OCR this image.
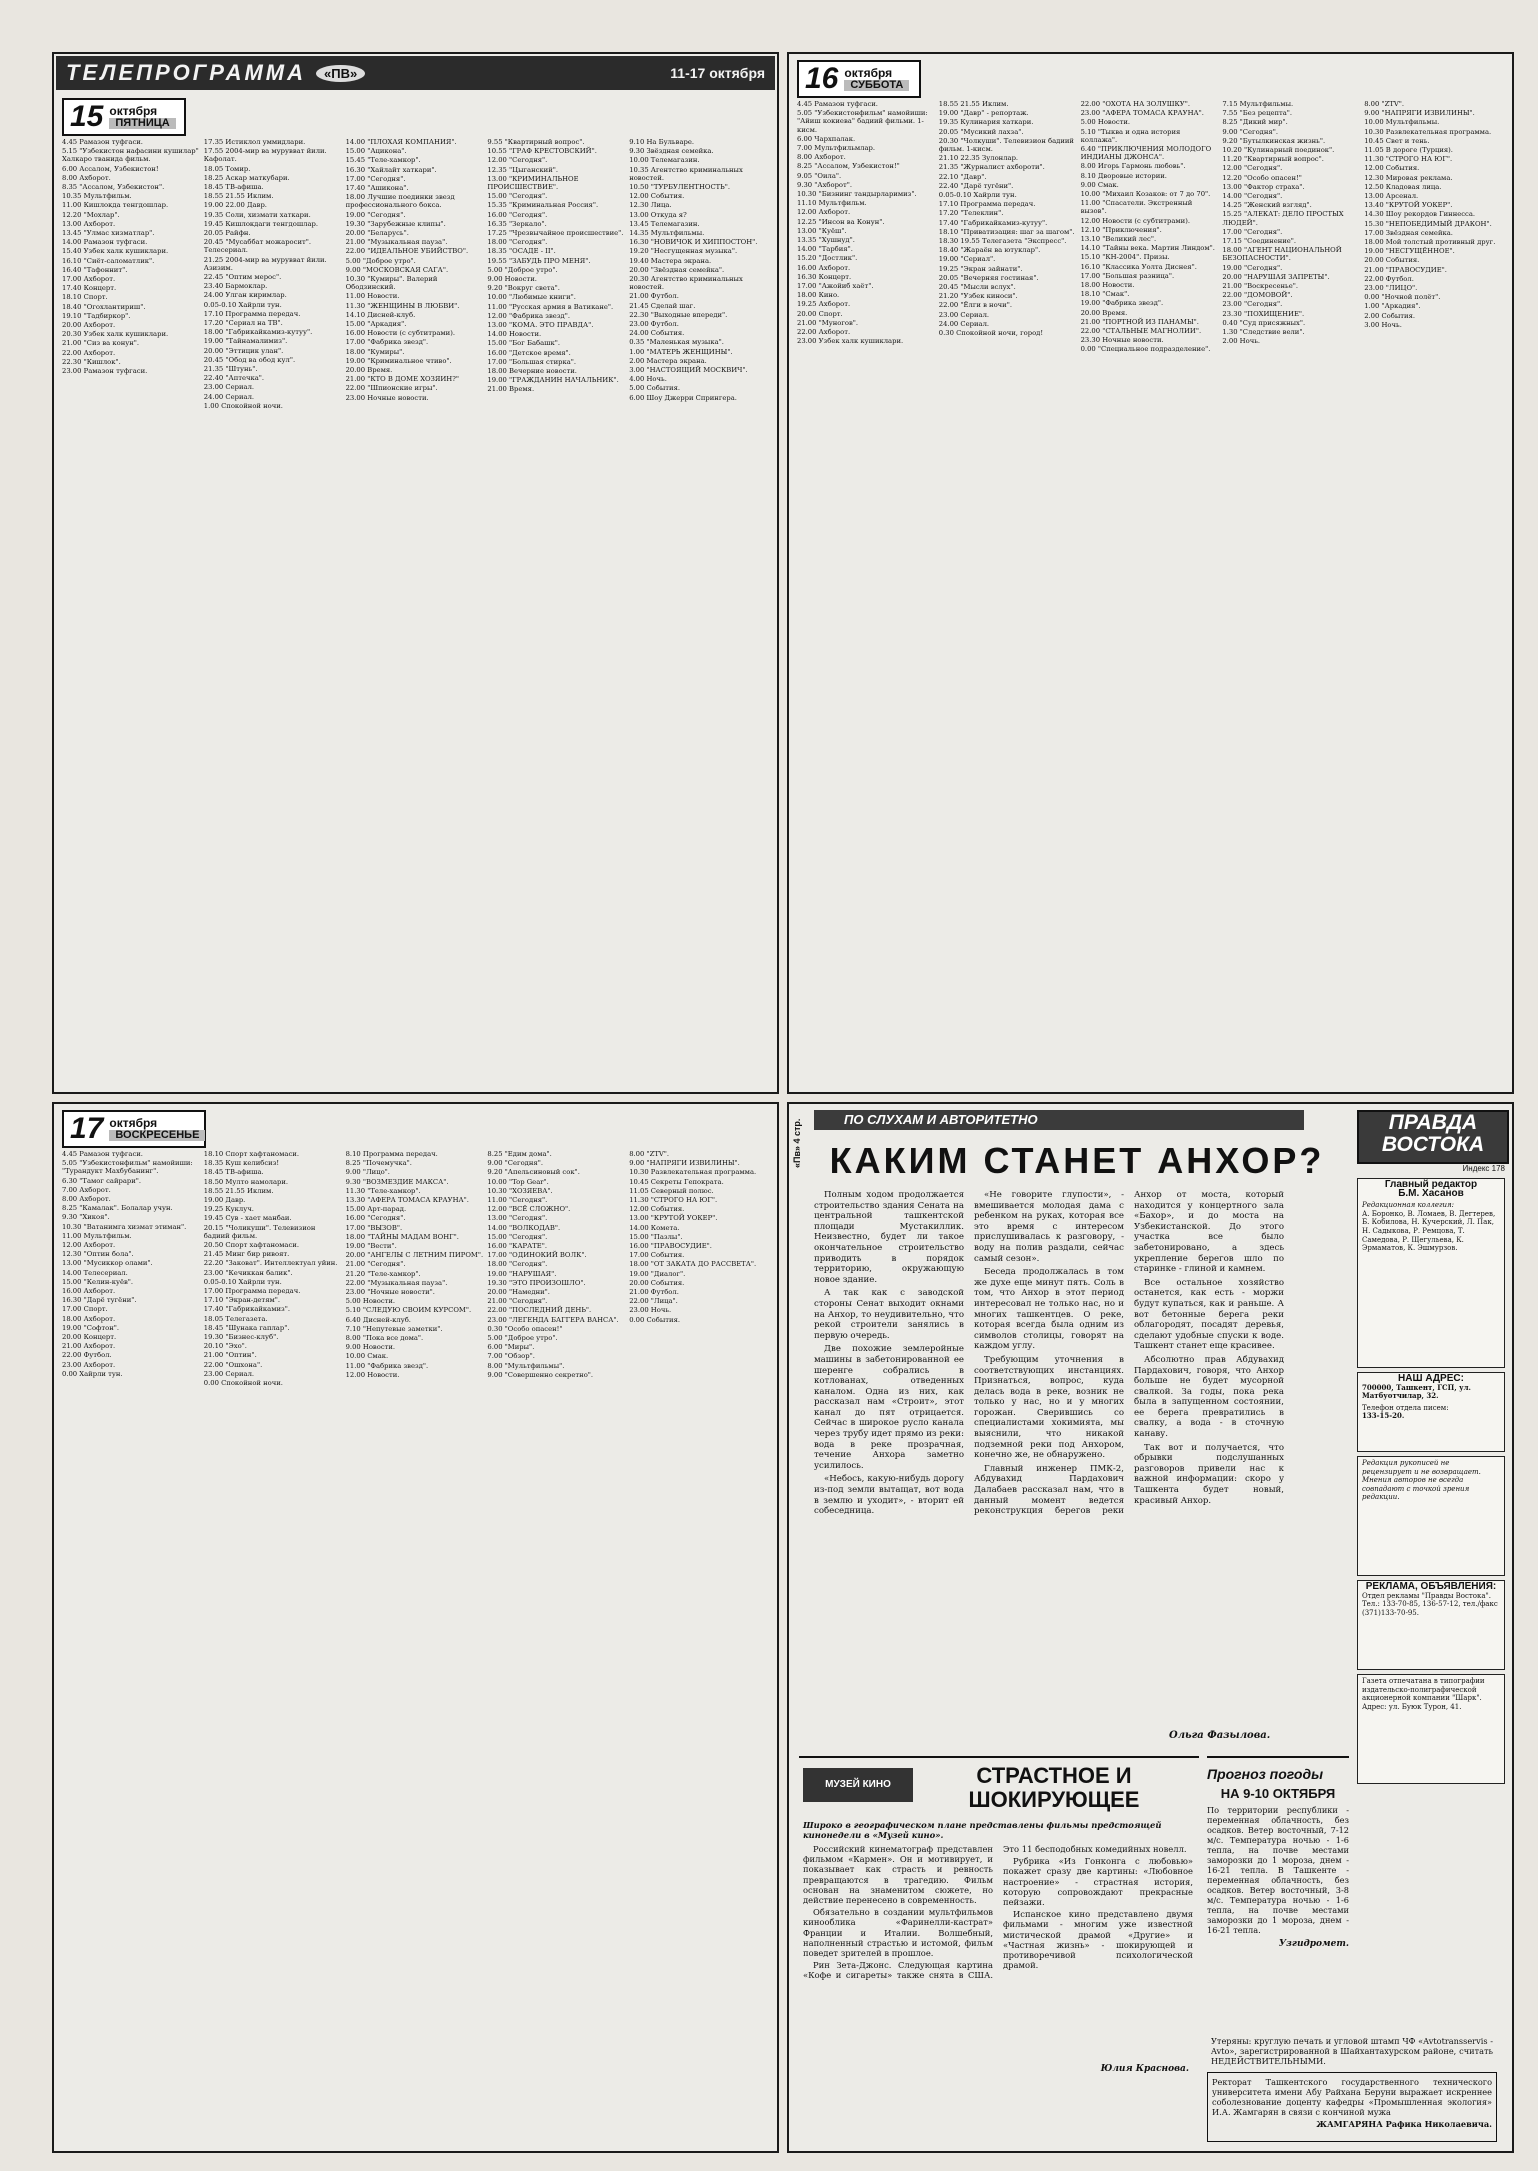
ТЕЛЕПРОГРАММА	«ПВ»	11-17 октября
15 октября
ПЯТНИЦА

4.45 Рамазон туфгаси.

5.15 "Узбекистон нафасини кушилар" Халкаро тванида фильм.

6.00 Ассалом, Узбекистон!

8.00 Ахборот.

8.35 "Ассалом, Узбекистон".

10.35 Мультфильм.

11.00 Кишлокда тенгдошлар.

12.20 "Мохлар".

13.00 Ахборот.

13.45 "Улмас хизматлар".

14.00 Рамазон туфгаси.

15.40 Узбек халк кушиклари.

16.10 "Сиёт-саломатлик".

16.40 "Тафоннит".

17.00 Ахборот.

17.40 Концерт.

18.10 Спорт.

18.40 "Огохлантириш".

19.10 "Тадбиркор".

20.00 Ахборот.

20.30 Узбек халк кушиклари.

21.00 "Сиз ва конун".

22.00 Ахборот.

22.30 "Кишлок".

23.00 Рамазон туфгаси.

17.35 Истиклол уммидлари.

17.55 2004-мир ва мурувват йили. Кафолат.

18.05 Томир.

18.25 Аскар маткубари.

18.45 ТВ-афиша.

18.55 21.55 Иклим.

19.00 22.00 Давр.

19.35 Соли, хизмати хаткари.

19.45 Кишлокдаги тенгдошлар.

20.05 Райфн.

20.45 "Мусаббат можаросит". Телесериал.

21.25 2004-мир ва мурувват йили. Азизим.

22.45 "Оптим мерос".

23.40 Бармоклар.

24.00 Улган киримлар.

0.05-0.10 Хайрли тун.

17.10 Программа передач.

17.20 "Сериал на ТВ".

18.00 "Габрикайкамиз-кутуу".

19.00 "Тайнамалимиз".

20.00 "Эттицик улан".

20.45 "Обод ва обод кул".

21.35 "Штунь".

22.40 "Аптечка".

23.00 Сериал.

24.00 Сериал.

1.00 Спокойной ночи.

14.00 "ПЛОХАЯ КОМПАНИЯ".

15.00 "Ацикона".

15.45 "Теле-хамкор".

16.30 "Хайлайт хаткари".

17.00 "Сегодня".

17.40 "Ашикона".

18.00 Лучшие поединки звезд профессионального бокса.

19.00 "Сегодня".

19.30 "Зарубежные клипы".

20.00 "Беларусь".

21.00 "Музыкальная пауза".

22.00 "ИДЕАЛЬНОЕ УБИЙСТВО".

5.00 "Доброе утро".

9.00 "МОСКОВСКАЯ САГА".

10.30 "Кумиры". Валерий Ободзинский.

11.00 Новости.

11.30 "ЖЕНЩИНЫ В ЛЮБВИ".

14.10 Дисней-клуб.

15.00 "Аркадия".

16.00 Новости (с субтитрами).

17.00 "Фабрика звезд".

18.00 "Кумиры".

19.00 "Криминальное чтиво".

20.00 Время.

21.00 "КТО В ДОМЕ ХОЗЯИН?"

22.00 "Шпионские игры".

23.00 Ночные новости.

9.55 "Квартирный вопрос".

10.55 "ГРАФ КРЕСТОВСКИЙ".

12.00 "Сегодня".

12.35 "Цыганский".

13.00 "КРИМИНАЛЬНОЕ ПРОИСШЕСТВИЕ".

15.00 "Сегодня".

15.35 "Криминальная Россия".

16.00 "Сегодня".

16.35 "Зеркало".

17.25 "Чрезвычайное происшествие".

18.00 "Сегодня".

18.35 "ОСАДЕ - II".

19.55 "ЗАБУДЬ ПРО МЕНЯ".

5.00 "Доброе утро".

9.00 Новости.

9.20 "Вокруг света".

10.00 "Любимые книги".

11.00 "Русская армия в Ватикане".

12.00 "Фабрика звезд".

13.00 "КОМА. ЭТО ПРАВДА".

14.00 Новости.

15.00 "Бог Бабашк".

16.00 "Детское время".

17.00 "Большая стирка".

18.00 Вечерние новости.

19.00 "ГРАЖДАНИН НАЧАЛЬНИК".

21.00 Время.

9.10 На Бульваре.

9.30 Звёздная семейка.

10.00 Телемагазин.

10.35 Агентство криминальных новостей.

10.50 "ТУРБУЛЕНТНОСТЬ".

12.00 События.

12.30 Лица.

13.00 Откуда я?

13.45 Телемагазин.

14.35 Мультфильмы.

16.30 "НОВИЧОК И ХИППОСТОН".

19.20 "Несгущенная музыка".

19.40 Мастера экрана.

20.00 "Звёздная семейка".

20.30 Агентство криминальных новостей.

21.00 Футбол.

21.45 Сделай шаг.

22.30 "Выходные впереди".

23.00 Футбол.

24.00 События.

0.35 "Маленькая музыка".

1.00 "МАТЕРЬ ЖЕНЩИНЫ".

2.00 Мастера экрана.

3.00 "НАСТОЯЩИЙ МОСКВИЧ".

4.00 Ночь.

5.00 События.

6.00 Шоу Джерри Спрингера.

16 октября
СУББОТА

4.45 Рамазон туфгаси.

5.05 "Узбекистонфильм" намойиши: "Айиш кокиева" бадиий фильми. 1-кисм.

6.00 Чархпалак.

7.00 Мультфильмлар.

8.00 Ахборот.

8.25 "Ассалом, Узбекистон!"

9.05 "Оила".

9.30 "Ахборот".

10.30 "Бизнинг тандырларимиз".

11.10 Мультфильм.

12.00 Ахборот.

12.25 "Инсон ва Конун".

13.00 "Куёш".

13.35 "Хушнуд".

14.00 "Тарбия".

15.20 "Достлик".

16.00 Ахборот.

16.30 Концерт.

17.00 "Ажойиб хаёт".

18.00 Кино.

19.25 Ахборот.

20.00 Спорт.

21.00 "Муногов".

22.00 Ахборот.

23.00 Узбек халк кушиклари.

18.55 21.55 Иклим.

19.00 "Давр" - репортаж.

19.35 Кулинария хаткари.

20.05 "Мусикий лахза".

20.30 "Чолкуши". Телевизион бадиий фильм. 1-кисм.

21.10 22.35 Зулонлар.

21.35 "Журналист ахбороти".

22.10 "Давр".

22.40 "Дарё тугёни".

0.05-0.10 Хайрли тун.

17.10 Программа передач.

17.20 "Телеклин".

17.40 "Габрикайкамиз-кутуу".

18.10 "Приватизация: шаг за шагом".

18.30 19.55 Телегазета "Экспресс".

18.40 "Жараён ва ютуклар".

19.00 "Сериал".

19.25 "Экран зайнати".

20.05 "Вечерняя гостиная".

20.45 "Мысли вслух".

21.20 "Узбек киноси".

22.00 "Ёлги в ночи".

23.00 Сериал.

24.00 Сериал.

0.30 Спокойной ночи, город!

22.00 "ОХОТА НА ЗОЛУШКУ".

23.00 "АФЕРА ТОМАСА КРАУНА".

5.00 Новости.

5.10 "Тыква и одна история коллажа".

6.40 "ПРИКЛЮЧЕНИЯ МОЛОДОГО ИНДИАНЫ ДЖОНСА".

8.00 Игорь Гармонь любовь".

8.10 Дворовые истории.

9.00 Смак.

10.00 "Михаил Козаков: от 7 до 70".

11.00 "Спасатели. Экстренный вызов".

12.00 Новости (с субтитрами).

12.10 "Приключения".

13.10 "Великий лес".

14.10 "Тайны века. Мартин Линдом".

15.10 "КН-2004". Призы.

16.10 "Классика Уолта Диснея".

17.00 "Большая разница".

18.00 Новости.

18.10 "Смак".

19.00 "Фабрика звезд".

20.00 Время.

21.00 "ПОРТНОЙ ИЗ ПАНАМЫ".

22.00 "СТАЛЬНЫЕ МАГНОЛИИ".

23.30 Ночные новости.

0.00 "Специальное подразделение".

7.15 Мультфильмы.

7.55 "Без рецепта".

8.25 "Дикий мир".

9.00 "Сегодня".

9.20 "Бутылкинская жизнь".

10.20 "Кулинарный поединок".

11.20 "Квартирный вопрос".

12.00 "Сегодня".

12.20 "Особо опасен!"

13.00 "Фактор страха".

14.00 "Сегодня".

14.25 "Женский взгляд".

15.25 "АЛЕКАТ: ДЕЛО ПРОСТЫХ ЛЮДЕЙ".

17.00 "Сегодня".

17.15 "Соединение".

18.00 "АГЕНТ НАЦИОНАЛЬНОЙ БЕЗОПАСНОСТИ".

19.00 "Сегодня".

20.00 "НАРУШАЯ ЗАПРЕТЫ".

21.00 "Воскресенье".

22.00 "ДОМОВОЙ".

23.00 "Сегодня".

23.30 "ПОХИЩЕНИЕ".

0.40 "Суд присяжных".

1.30 "Следствие вели".

2.00 Ночь.

8.00 "ZTV".

9.00 "НАПРЯГИ ИЗВИЛИНЫ".

10.00 Мультфильмы.

10.30 Развлекательная программа.

10.45 Свет и тень.

11.05 В дороге (Турция).

11.30 "СТРОГО НА ЮГ".

12.00 События.

12.30 Мировая реклама.

12.50 Кладовая лица.

13.00 Арсенал.

13.40 "КРУТОЙ УОКЕР".

14.30 Шоу рекордов Гиннесса.

15.30 "НЕПОБЕДИМЫЙ ДРАКОН".

17.00 Звёздная семейка.

18.00 Мой толстый противный друг.

19.00 "НЕСГУЩЁННОЕ".

20.00 События.

21.00 "ПРАВОСУДИЕ".

22.00 Футбол.

23.00 "ЛИЦО".

0.00 "Ночной полёт".

1.00 "Аркадия".

2.00 События.

3.00 Ночь.

17 октября
ВОСКРЕСЕНЬЕ

4.45 Рамазон туфгаси.

5.05 "Узбекистонфильм" намойиши: "Турандукт Махбубанинг".

6.30 "Тамог сайрари".

7.00 Ахборот.

8.00 Ахборот.

8.25 "Камалак". Болалар учун.

9.30 "Хикоя".

10.30 "Ватанимга хизмат этиман".

11.00 Мультфильм.

12.00 Ахборот.

12.30 "Оптин бола".

13.00 "Мусиккор олами".

14.00 Телесериал.

15.00 "Келин-куёв".

16.00 Ахборот.

16.30 "Дарё тугёни".

17.00 Спорт.

18.00 Ахборот.

19.00 "Софтон".

20.00 Концерт.

21.00 Ахборот.

22.00 Футбол.

23.00 Ахборот.

0.00 Хайрли тун.

18.10 Спорт хафтаномаси.

18.35 Куш келибсиз!

18.45 ТВ-афиша.

18.50 Мулто намолари.

18.55 21.55 Иклим.

19.00 Давр.

19.25 Куклуч.

19.45 Сув - хает манбаи.

20.15 "Чоликуши". Телевизион бадиий фильм.

20.50 Спорт хафтаномаси.

21.45 Минг бир ривоят.

22.20 "Заковат". Интеллектуал уйин.

23.00 "Кечиккан балик".

0.05-0.10 Хайрли тун.

17.00 Программа передач.

17.10 "Экран-детям".

17.40 "Габрикайкамиз".

18.05 Телегазета.

18.45 "Шунака гаплар".

19.30 "Бизнес-клуб".

20.10 "Эхо".

21.00 "Оптин".

22.00 "Ошхона".

23.00 Сериал.

0.00 Спокойной ночи.

8.10 Программа передач.

8.25 "Почемучка".

9.00 "Лицо".

9.30 "ВОЗМЕЗДИЕ МАКСА".

11.30 "Теле-хамкор".

13.30 "АФЕРА ТОМАСА КРАУНА".

15.00 Арт-парад.

16.00 "Сегодня".

17.00 "ВЫЗОВ".

18.00 "ТАЙНЫ МАДАМ ВОНГ".

19.00 "Вести".

20.00 "АНГЕЛЫ С ЛЕТНИМ ПИРОМ".

21.00 "Сегодня".

21.20 "Теле-хамкор".

22.00 "Музыкальная пауза".

23.00 "Ночные новости".

5.00 Новости.

5.10 "СЛЕДУЮ СВОИМ КУРСОМ".

6.40 Дисней-клуб.

7.10 "Непутевые заметки".

8.00 "Пока все дома".

9.00 Новости.

10.00 Смак.

11.00 "Фабрика звезд".

12.00 Новости.

8.25 "Едим дома".

9.00 "Сегодня".

9.20 "Апельсиновый сок".

10.00 "Top Gear".

10.30 "ХОЗЯЕВА".

11.00 "Сегодня".

12.00 "ВСЁ СЛОЖНО".

13.00 "Сегодня".

14.00 "ВОЛКОДАВ".

15.00 "Сегодня".

16.00 "КАРАТЕ".

17.00 "ОДИНОКИЙ ВОЛК".

18.00 "Сегодня".

19.00 "НАРУШАЯ".

19.30 "ЭТО ПРОИЗОШЛО".

20.00 "Намедни".

21.00 "Сегодня".

22.00 "ПОСЛЕДНИЙ ДЕНЬ".

23.00 "ЛЕГЕНДА БАГГЕРА ВАНСА".

0.30 "Особо опасен!"

5.00 "Доброе утро".

6.00 "Миры".

7.00 "Обзор".

8.00 "Мультфильмы".

9.00 "Совершенно секретно".

8.00 "ZTV".

9.00 "НАПРЯГИ ИЗВИЛИНЫ".

10.30 Развлекательная программа.

10.45 Секреты Гепократа.

11.05 Северный полюс.

11.30 "СТРОГО НА ЮГ".

12.00 События.

13.00 "КРУТОЙ УОКЕР".

14.00 Комета.

15.00 "Пазлы".

16.00 "ПРАВОСУДИЕ".

17.00 События.

18.00 "ОТ ЗАКАТА ДО РАССВЕТА".

19.00 "Диалог".

20.00 События.

21.00 Футбол.

22.00 "Лица".

23.00 Ночь.

0.00 События.

«Пв» 4 стр.	ПО СЛУХАМ И АВТОРИТЕТНО
КАКИМ СТАНЕТ АНХОР?

Полным ходом продолжается строительство здания Сената на центральной ташкентской площади Мустакиллик. Неизвестно, будет ли такое окончательное строительство приводить в порядок территорию, окружающую новое здание.

А так как с заводской стороны Сенат выходит окнами на Анхор, то неудивительно, что рекой строители занялись в первую очередь.

Две похожие землеройные машины в забетонированной ее шеренге собрались в котлованах, отведенных каналом. Одна из них, как рассказал нам «Строит», этот канал до пят отрицается. Сейчас в широкое русло канала через трубу идет прямо из реки: вода в реке прозрачная, течение Анхора заметно усилилось.

«Небось, какую-нибудь дорогу из-под земли вытащат, вот вода в землю и уходит», - вторит ей собеседница.

«Не говорите глупости», - вмешивается молодая дама с ребенком на руках, которая все это время с интересом прислушивалась к разговору, - воду на полив раздали, сейчас самый сезон».

Беседа продолжалась в том же духе еще минут пять. Соль в том, что Анхор в этот период интересовал не только нас, но и многих ташкентцев. О реке, которая всегда была одним из символов столицы, говорят на каждом углу.

Требующим уточнения в соответствующих инстанциях. Признаться, вопрос, куда делась вода в реке, возник не только у нас, но и у многих горожан. Сверившись со специалистами хокимията, мы выяснили, что никакой подземной реки под Анхором, конечно же, не обнаружено.

Главный инженер ПМК-2, Абдувахид Пардахович Далабаев рассказал нам, что в данный момент ведется реконструкция берегов реки Анхор от моста, который находится у концертного зала «Бахор», и до моста на Узбекистанской. До этого участка все было забетонировано, а здесь укрепление берегов шло по старинке - глиной и камнем.

Все остальное хозяйство останется, как есть - моржи будут купаться, как и раньше. А вот бетонные берега реки облагородят, посадят деревья, сделают удобные спуски к воде. Ташкент станет еще красивее.

Абсолютно прав Абдувахид Пардахович, говоря, что Анхор больше не будет мусорной свалкой. За годы, пока река была в запущенном состоянии, ее берега превратились в свалку, а вода - в сточную канаву.

Так вот и получается, что обрывки подслушанных разговоров привели нас к важной информации: скоро у Ташкента будет новый, красивый Анхор.

Ольга Фазылова.
ПРАВДА ВОСТОКА
Индекс 178
Главный редактор
Б.М. Хасанов
Редакционная коллегия:
А. Боронко, В. Ломаев, В. Дегтерев, Б. Кобилова, Н. Кучерский, Л. Пак, Н. Садыкова, Р. Ремцова, Т. Самедова, Р. Щегульева, К. Эрмаматов, К. Эшмурзов.
НАШ АДРЕС:
700000, Ташкент, ГСП, ул. Матбуотчилар, 32.
Телефон отдела писем:
133-15-20.
Редакция рукописей не рецензирует и не возвращает. Мнения авторов не всегда совпадают с точкой зрения редакции.
РЕКЛАМА, ОБЪЯВЛЕНИЯ:
Отдел рекламы "Правды Востока". Тел.: 133-70-85, 136-57-12, тел./факс (371)133-70-95.
Газета отпечатана в типографии издательско-полиграфической акционерной компании "Шарк". Адрес: ул. Буюк Турон, 41.
МУЗЕЙ КИНО	СТРАСТНОЕ И ШОКИРУЮЩЕЕ
Широко в географическом плане представлены фильмы предстоящей кинонедели в «Музей кино».

Российский кинематограф представлен фильмом «Кармен». Он и мотивирует, и показывает как страсть и ревность превращаются в трагедию. Фильм основан на знаменитом сюжете, но действие перенесено в современность.

Обязательно в создании мультфильмов кинооблика «Фаринелли-кастрат» Франции и Италии. Волшебный, наполненный страстью и истомой, фильм поведет зрителей в прошлое.

Рин Зета-Джонс. Следующая картина «Кофе и сигареты» также снята в США. Это 11 бесподобных комедийных новелл.

Рубрика «Из Гонконга с любовью» покажет сразу две картины: «Любовное настроение» - страстная история, которую сопровождают прекрасные пейзажи.

Испанское кино представлено двумя фильмами - многим уже известной мистической драмой «Другие» и «Частная жизнь» - шокирующей и противоречивой психологической драмой.

Юлия Краснова.
Прогноз погоды
НА 9-10 ОКТЯБРЯ
По территории республики - переменная облачность, без осадков. Ветер восточный, 7-12 м/с. Температура ночью - 1-6 тепла, на почве местами заморозки до 1 мороза, днем - 16-21 тепла. В Ташкенте - переменная облачность, без осадков. Ветер восточный, 3-8 м/с. Температура ночью - 1-6 тепла, на почве местами заморозки до 1 мороза, днем - 16-21 тепла.
Узгидромет.
Утеряны: круглую печать и угловой штамп ЧФ «Avtotransservis - Avto», зарегистрированной в Шайхантахурском районе, считать НЕДЕЙСТВИТЕЛЬНЫМИ.
Ректорат Ташкентского государственного технического университета имени Абу Райхана Беруни выражает искреннее соболезнование доценту кафедры «Промышленная экология» И.А. Жамгарян в связи с кончиной мужа
ЖАМГАРЯНА Рафика Николаевича.
